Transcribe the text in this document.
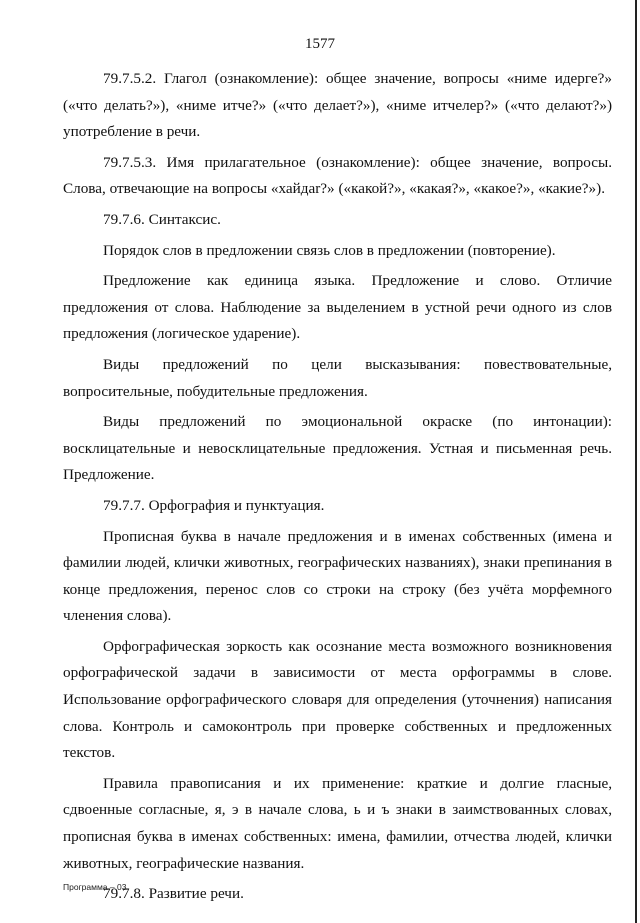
1577

79.7.5.2. Глагол (ознакомление): общее значение, вопросы «ниме идерге?» («что делать?»), «ниме итче?» («что делает?»), «ниме итчелер?» («что делают?») употребление в речи.

79.7.5.3. Имя прилагательное (ознакомление): общее значение, вопросы. Слова, отвечающие на вопросы «хайдаr?» («какой?», «какая?», «какое?», «какие?»).

79.7.6. Синтаксис.

Порядок слов в предложении связь слов в предложении (повторение).

Предложение как единица языка. Предложение и слово. Отличие предложения от слова. Наблюдение за выделением в устной речи одного из слов предложения (логическое ударение).

Виды предложений по цели высказывания: повествовательные, вопросительные, побудительные предложения.

Виды предложений по эмоциональной окраске (по интонации): восклицательные и невосклицательные предложения. Устная и письменная речь. Предложение.

79.7.7. Орфография и пунктуация.

Прописная буква в начале предложения и в именах собственных (имена и фамилии людей, клички животных, географических названиях), знаки препинания в конце предложения, перенос слов со строки на строку (без учёта морфемного членения слова).

Орфографическая зоркость как осознание места возможного возникновения орфографической задачи в зависимости от места орфограммы в слове. Использование орфографического словаря для определения (уточнения) написания слова. Контроль и самоконтроль при проверке собственных и предложенных текстов.

Правила правописания и их применение: краткие и долгие гласные, сдвоенные согласные, я, э в начале слова, ь и ъ знаки в заимствованных словах, прописная буква в именах собственных: имена, фамилии, отчества людей, клички животных, географические названия.

79.7.8. Развитие речи.

Программа – 03
